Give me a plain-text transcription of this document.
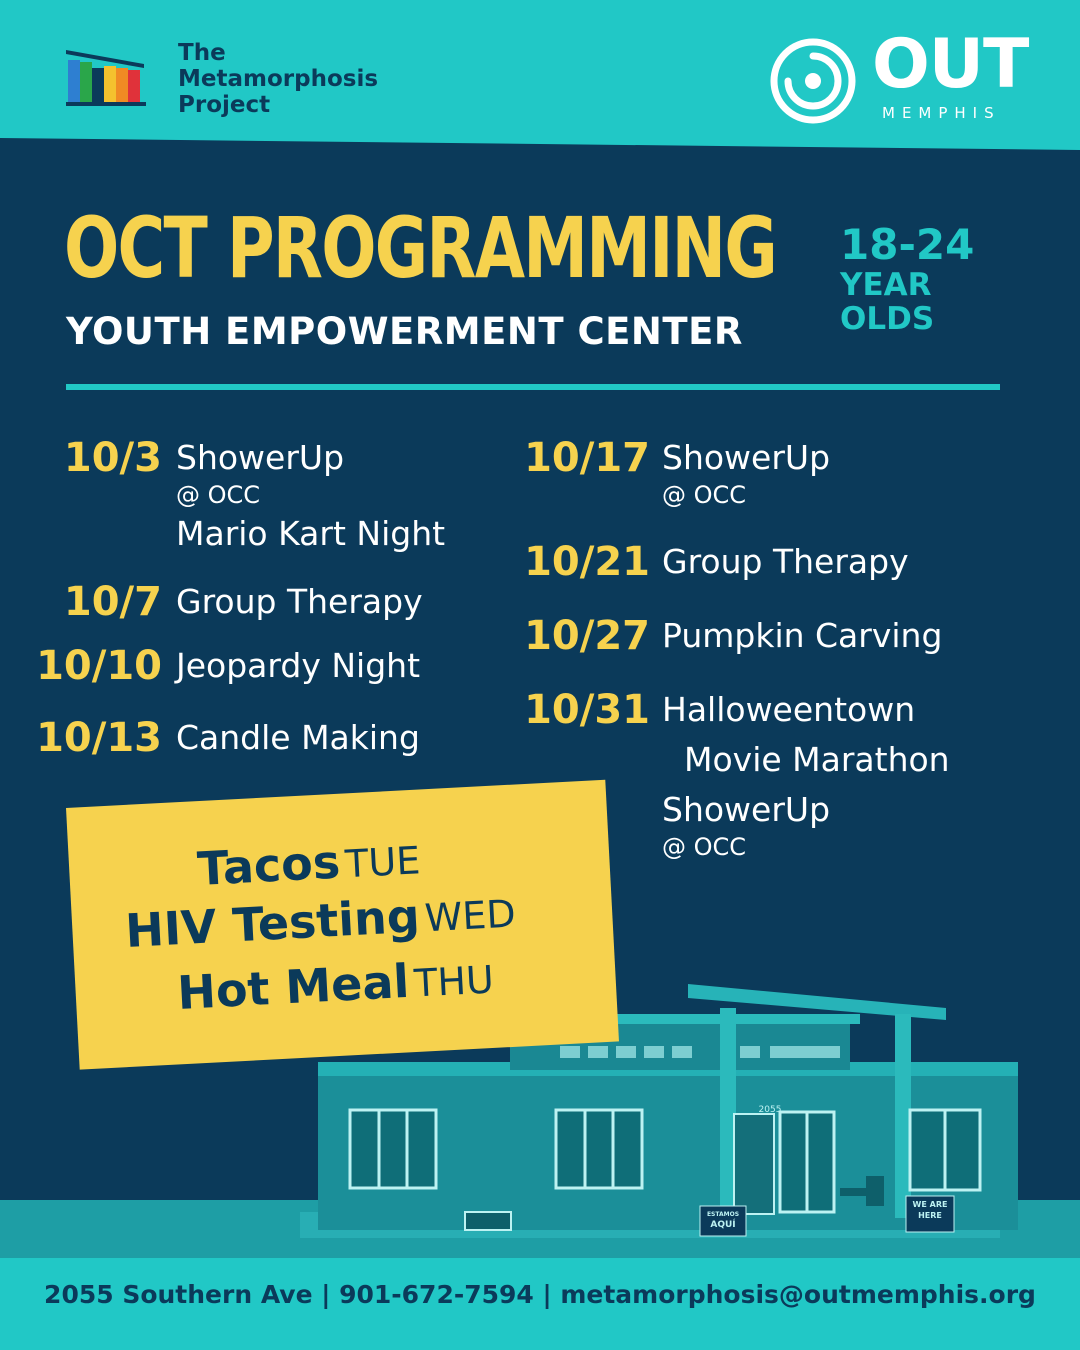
The
Metamorphosis
Project
OUT
MEMPHIS
OCT PROGRAMMING
YOUTH EMPOWERMENT CENTER
18-24
YEAR
OLDS
10/3 ShowerUp
@ OCC
Mario Kart Night
10/7 Group Therapy
10/10 Jeopardy Night
10/13 Candle Making
10/17 ShowerUp
@ OCC
10/21 Group Therapy
10/27 Pumpkin Carving
10/31 Halloweentown
Movie Marathon
ShowerUp
@ OCC
ESTAMOS
AQUÍ
WE ARE
HERE
2055
Tacos TUE
HIV Testing WED
Hot Meal THU
2055 Southern Ave | 901-672-7594 | metamorphosis@outmemphis.org
